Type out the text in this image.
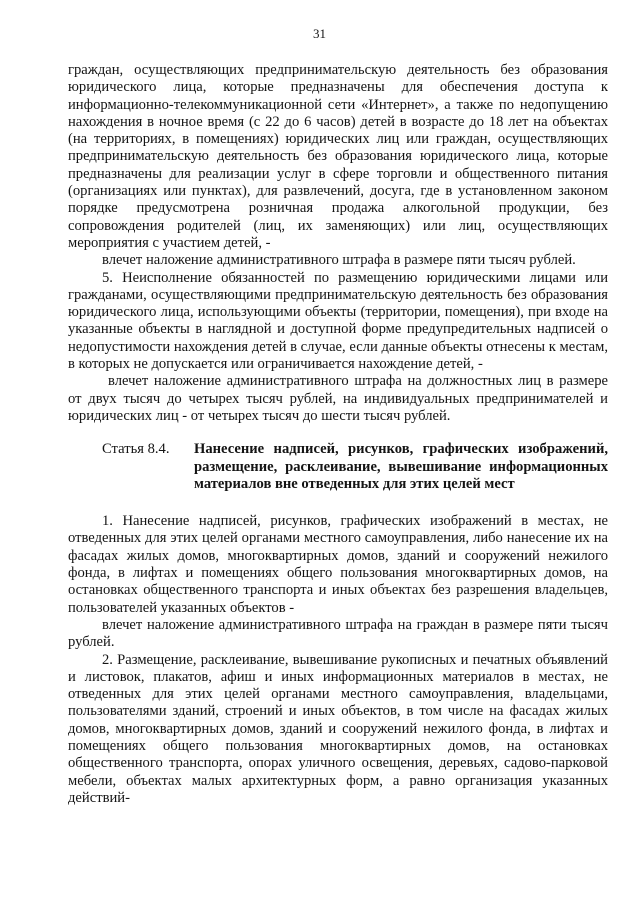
31

граждан, осуществляющих предпринимательскую деятельность без образования юридического лица, которые предназначены для обеспечения доступа к информационно-телекоммуникационной сети «Интернет», а также по недопущению нахождения в ночное время (с 22 до 6 часов) детей в возрасте до 18 лет на объектах (на территориях, в помещениях) юридических лиц или граждан, осуществляющих предпринимательскую деятельность без образования юридического лица, которые предназначены для реализации услуг в сфере торговли и общественного питания (организациях или пунктах), для развлечений, досуга, где в установленном законом порядке предусмотрена розничная продажа алкогольной продукции, без сопровождения родителей (лиц, их заменяющих) или лиц, осуществляющих мероприятия с участием детей, -

влечет наложение административного штрафа в размере пяти тысяч рублей.

5. Неисполнение обязанностей по размещению юридическими лицами или гражданами, осуществляющими предпринимательскую деятельность без образования юридического лица, использующими объекты (территории, помещения), при входе на указанные объекты в наглядной и доступной форме предупредительных надписей о недопустимости нахождения детей в случае, если данные объекты отнесены к местам, в которых не допускается или ограничивается нахождение детей, -

влечет наложение административного штрафа на должностных лиц в размере от двух тысяч до четырех тысяч рублей, на индивидуальных предпринимателей и юридических лиц - от четырех тысяч до шести тысяч рублей.

Статья 8.4.	Нанесение надписей, рисунков, графических изображений, размещение, расклеивание, вывешивание информационных материалов вне отведенных для этих целей мест

1. Нанесение надписей, рисунков, графических изображений в местах, не отведенных для этих целей органами местного самоуправления, либо нанесение их на фасадах жилых домов, многоквартирных домов, зданий и сооружений нежилого фонда, в лифтах и помещениях общего пользования многоквартирных домов, на остановках общественного транспорта и иных объектах без разрешения владельцев, пользователей указанных объектов -

влечет наложение административного штрафа на граждан в размере пяти тысяч рублей.

2. Размещение, расклеивание, вывешивание рукописных и печатных объявлений и листовок, плакатов, афиш и иных информационных материалов в местах, не отведенных для этих целей органами местного самоуправления, владельцами, пользователями зданий, строений и иных объектов, в том числе на фасадах жилых домов, многоквартирных домов, зданий и сооружений нежилого фонда, в лифтах и помещениях общего пользования многоквартирных домов, на остановках общественного транспорта, опорах уличного освещения, деревьях, садово-парковой мебели, объектах малых архитектурных форм, а равно организация указанных действий-
